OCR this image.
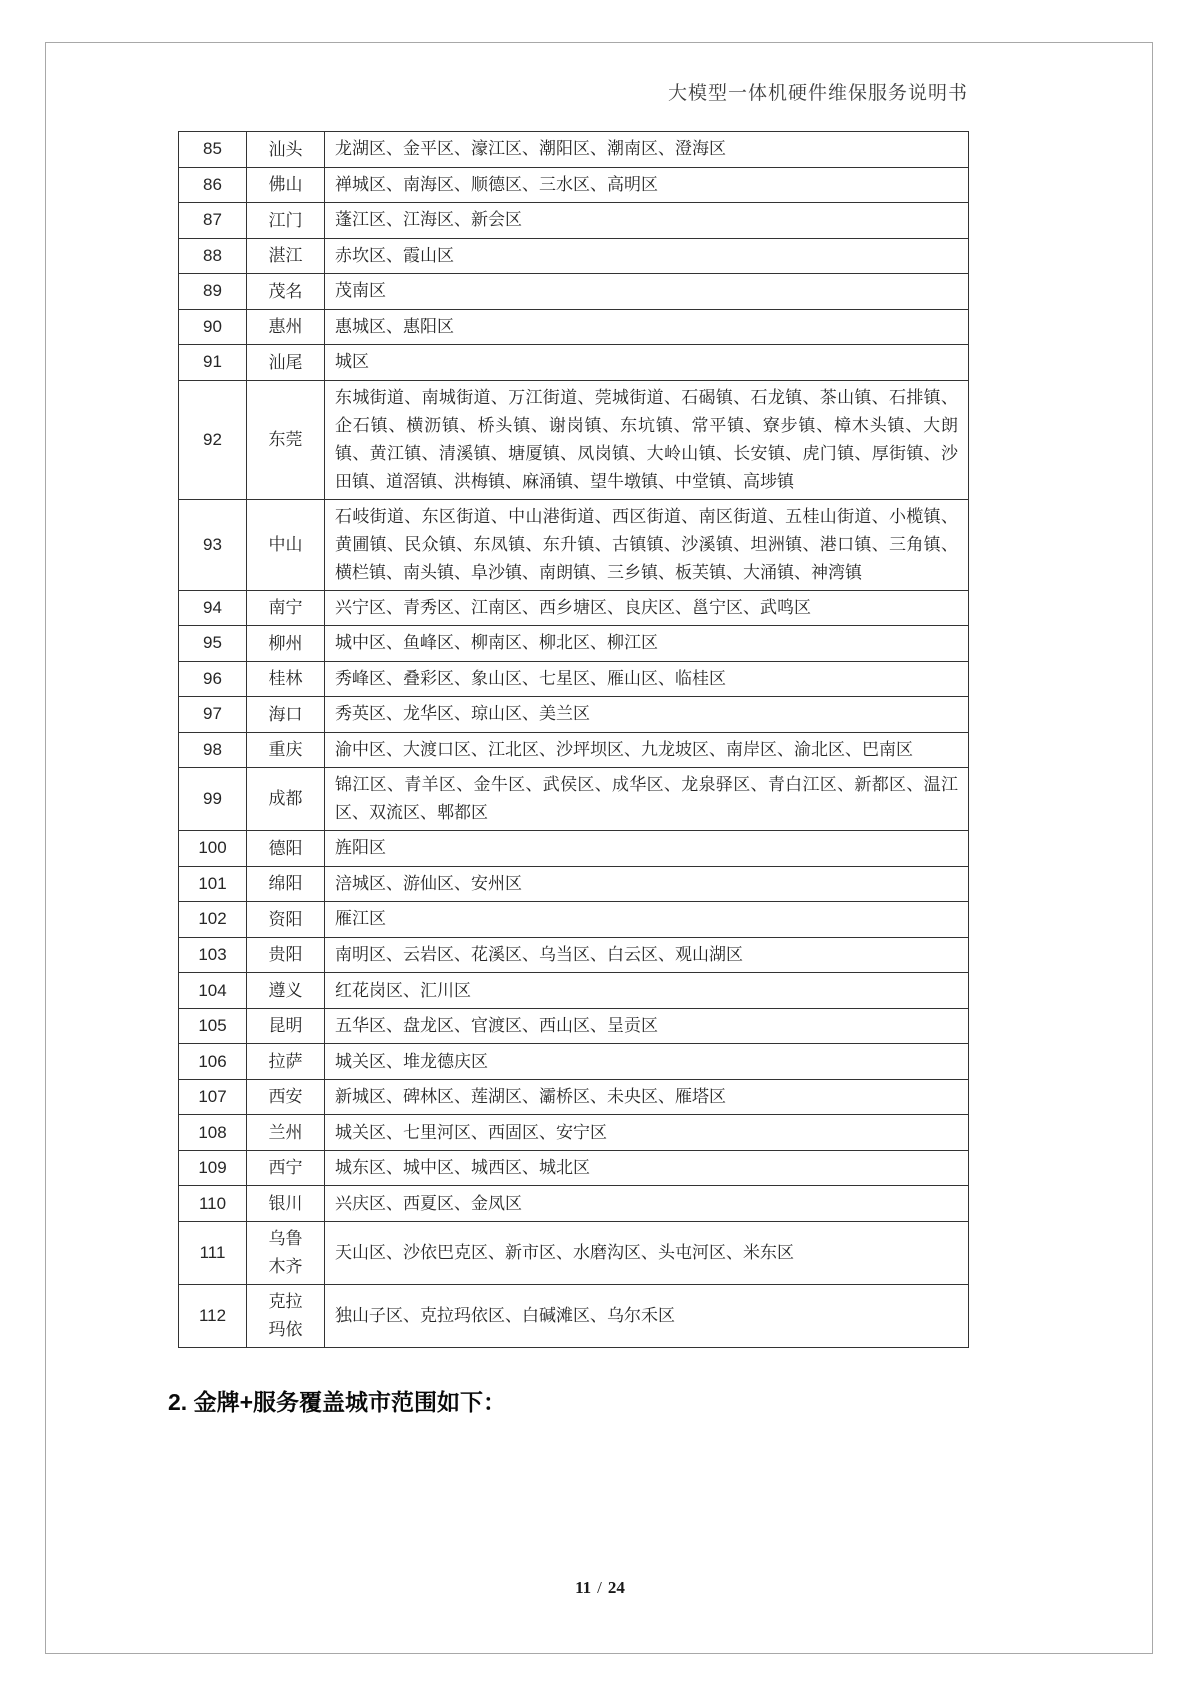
大模型一体机硬件维保服务说明书
85	汕头	龙湖区、金平区、濠江区、潮阳区、潮南区、澄海区
86	佛山	禅城区、南海区、顺德区、三水区、高明区
87	江门	蓬江区、江海区、新会区
88	湛江	赤坎区、霞山区
89	茂名	茂南区
90	惠州	惠城区、惠阳区
91	汕尾	城区
92	东莞	东城街道、南城街道、万江街道、莞城街道、石碣镇、石龙镇、茶山镇、石排镇、企石镇、横沥镇、桥头镇、谢岗镇、东坑镇、常平镇、寮步镇、樟木头镇、大朗镇、黄江镇、清溪镇、塘厦镇、凤岗镇、大岭山镇、长安镇、虎门镇、厚街镇、沙田镇、道滘镇、洪梅镇、麻涌镇、望牛墩镇、中堂镇、高埗镇
93	中山	石岐街道、东区街道、中山港街道、西区街道、南区街道、五桂山街道、小榄镇、黄圃镇、民众镇、东凤镇、东升镇、古镇镇、沙溪镇、坦洲镇、港口镇、三角镇、横栏镇、南头镇、阜沙镇、南朗镇、三乡镇、板芙镇、大涌镇、神湾镇
94	南宁	兴宁区、青秀区、江南区、西乡塘区、良庆区、邕宁区、武鸣区
95	柳州	城中区、鱼峰区、柳南区、柳北区、柳江区
96	桂林	秀峰区、叠彩区、象山区、七星区、雁山区、临桂区
97	海口	秀英区、龙华区、琼山区、美兰区
98	重庆	渝中区、大渡口区、江北区、沙坪坝区、九龙坡区、南岸区、渝北区、巴南区
99	成都	锦江区、青羊区、金牛区、武侯区、成华区、龙泉驿区、青白江区、新都区、温江区、双流区、郫都区
100	德阳	旌阳区
101	绵阳	涪城区、游仙区、安州区
102	资阳	雁江区
103	贵阳	南明区、云岩区、花溪区、乌当区、白云区、观山湖区
104	遵义	红花岗区、汇川区
105	昆明	五华区、盘龙区、官渡区、西山区、呈贡区
106	拉萨	城关区、堆龙德庆区
107	西安	新城区、碑林区、莲湖区、灞桥区、未央区、雁塔区
108	兰州	城关区、七里河区、西固区、安宁区
109	西宁	城东区、城中区、城西区、城北区
110	银川	兴庆区、西夏区、金凤区
111	乌鲁木齐	天山区、沙依巴克区、新市区、水磨沟区、头屯河区、米东区
112	克拉玛依	独山子区、克拉玛依区、白碱滩区、乌尔禾区
2. 金牌+服务覆盖城市范围如下：
11 / 24
